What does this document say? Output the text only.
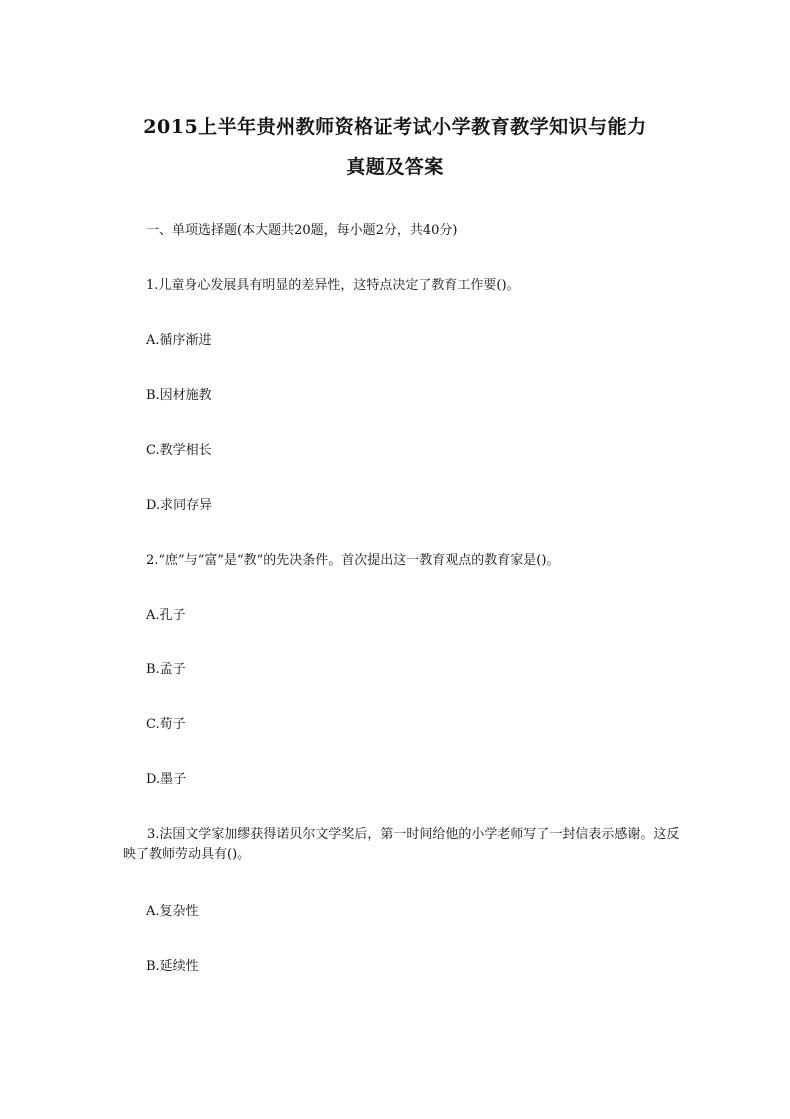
2015上半年贵州教师资格证考试小学教育教学知识与能力
真题及答案
一、单项选择题(本大题共20题，每小题2分，共40分)
1.儿童身心发展具有明显的差异性，这特点决定了教育工作要()。
A.循序渐进
B.因材施教
C.教学相长
D.求同存异
2.“庶”与“富”是“教”的先决条件。首次提出这一教育观点的教育家是()。
A.孔子
B.孟子
C.荀子
D.墨子
3.法国文学家加缪获得诺贝尔文学奖后，第一时间给他的小学老师写了一封信表示感谢。这反映了教师劳动具有()。
A.复杂性
B.延续性
